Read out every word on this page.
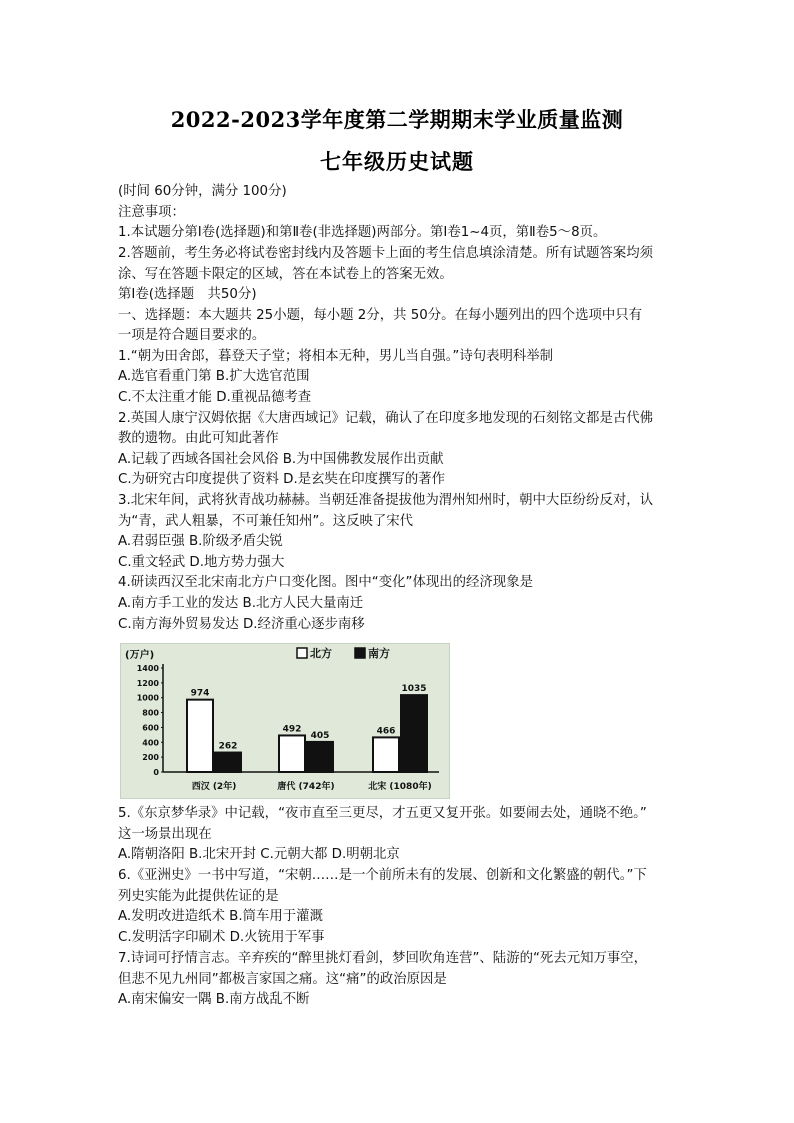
2022-2023学年度第二学期期末学业质量监测
七年级历史试题
(时间 60分钟，满分 100分)
注意事项：
1.本试题分第Ⅰ卷(选择题)和第Ⅱ卷(非选择题)两部分。第Ⅰ卷1~4页，第Ⅱ卷5～8页。
2.答题前，考生务必将试卷密封线内及答题卡上面的考生信息填涂清楚。所有试题答案均须
涂、写在答题卡限定的区域，答在本试卷上的答案无效。
第Ⅰ卷(选择题　共50分)
一、选择题：本大题共 25小题，每小题 2分，共 50分。在每小题列出的四个选项中只有
一项是符合题目要求的。
1.“朝为田舍郎，暮登天子堂；将相本无种，男儿当自强。”诗句表明科举制
A.选官看重门第 B.扩大选官范围
C.不太注重才能 D.重视品德考查
2.英国人康宁汉姆依据《大唐西域记》记载，确认了在印度多地发现的石刻铭文都是古代佛
教的遗物。由此可知此著作
A.记载了西域各国社会风俗 B.为中国佛教发展作出贡献
C.为研究古印度提供了资料 D.是玄奘在印度撰写的著作
3.北宋年间，武将狄青战功赫赫。当朝廷准备提拔他为渭州知州时，朝中大臣纷纷反对，认
为“青，武人粗暴，不可兼任知州”。这反映了宋代
A.君弱臣强 B.阶级矛盾尖锐
C.重文轻武 D.地方势力强大
4.研读西汉至北宋南北方户口变化图。图中“变化”体现出的经济现象是
A.南方手工业的发达 B.北方人民大量南迁
C.南方海外贸易发达 D.经济重心逐步南移
(万户)
0
200
400
600
800
1000
1200
1400
北方	南方
974
262
西汉 (2年)
492
405
唐代 (742年)
466
1035
北宋 (1080年)
5.《东京梦华录》中记载，“夜市直至三更尽，才五更又复开张。如要闹去处，通晓不绝。”
这一场景出现在
A.隋朝洛阳 B.北宋开封 C.元朝大都 D.明朝北京
6.《亚洲史》一书中写道，“宋朝……是一个前所未有的发展、创新和文化繁盛的朝代。”下
列史实能为此提供佐证的是
A.发明改进造纸术 B.筒车用于灌溉
C.发明活字印刷术 D.火铳用于军事
7.诗词可抒情言志。辛弃疾的“醉里挑灯看剑，梦回吹角连营”、陆游的“死去元知万事空，
但悲不见九州同”都极言家国之痛。这“痛”的政治原因是
A.南宋偏安一隅 B.南方战乱不断
